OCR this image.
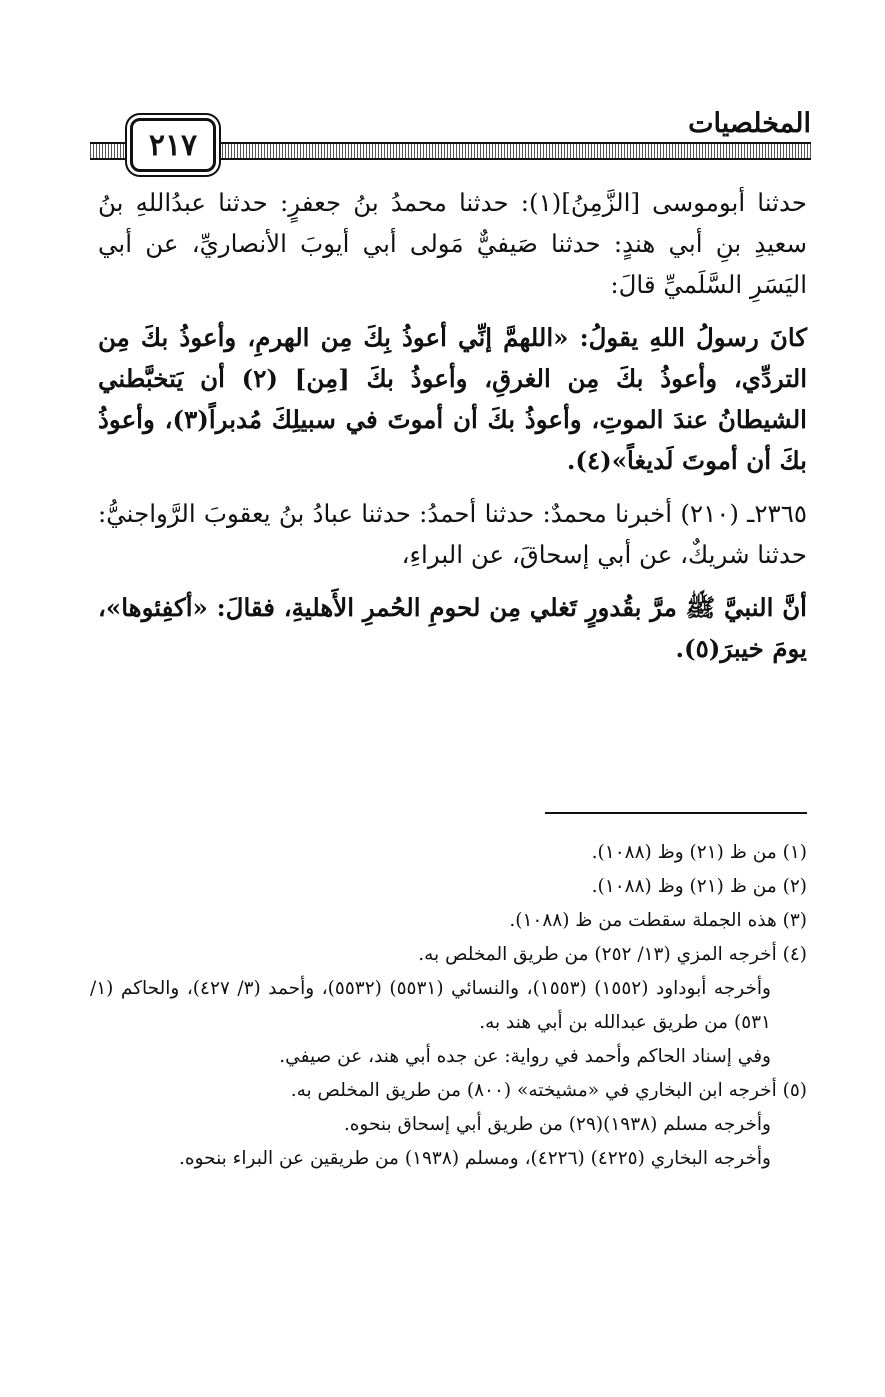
المخلصيات
٢١٧

حدثنا أبوموسى [الزَّمِنُ](١): حدثنا محمدُ بنُ جعفرٍ: حدثنا عبدُاللهِ بنُ سعيدِ بنِ أبي هندٍ: حدثنا صَيفيٌّ مَولى أبي أيوبَ الأنصاريِّ، عن أبي اليَسَرِ السَّلَميِّ قالَ:

كانَ رسولُ اللهِ يقولُ: «اللهمَّ إنِّي أعوذُ بِكَ مِن الهرمِ، وأعوذُ بكَ مِن التردِّي، وأعوذُ بكَ مِن الغرقِ، وأعوذُ بكَ [مِن] (٢) أن يَتخبَّطني الشيطانُ عندَ الموتِ، وأعوذُ بكَ أن أموتَ في سبيلِكَ مُدبراً(٣)، وأعوذُ بكَ أن أموتَ لَديغاً»(٤).

٢٣٦٥ـ (٢١٠) أخبرنا محمدٌ: حدثنا أحمدُ: حدثنا عبادُ بنُ يعقوبَ الرَّواجنيُّ: حدثنا شريكٌ، عن أبي إسحاقَ، عن البراءِ،

أنَّ النبيَّ ﷺ مرَّ بقُدورٍ تَغلي مِن لحومِ الحُمرِ الأَهليةِ، فقالَ: «أكفِئوها»، يومَ خيبرَ(٥).

(١) من ظ (٢١) وظ (١٠٨٨).

(٢) من ظ (٢١) وظ (١٠٨٨).

(٣) هذه الجملة سقطت من ظ (١٠٨٨).

(٤) أخرجه المزي (١٣/ ٢٥٢) من طريق المخلص به.

وأخرجه أبوداود (١٥٥٢) (١٥٥٣)، والنسائي (٥٥٣١) (٥٥٣٢)، وأحمد (٣/ ٤٢٧)، والحاكم (١/ ٥٣١) من طريق عبدالله بن أبي هند به.

وفي إسناد الحاكم وأحمد في رواية: عن جده أبي هند، عن صيفي.

(٥) أخرجه ابن البخاري في «مشيخته» (٨٠٠) من طريق المخلص به.

وأخرجه مسلم (١٩٣٨)(٢٩) من طريق أبي إسحاق بنحوه.

وأخرجه البخاري (٤٢٢٥) (٤٢٢٦)، ومسلم (١٩٣٨) من طريقين عن البراء بنحوه.
